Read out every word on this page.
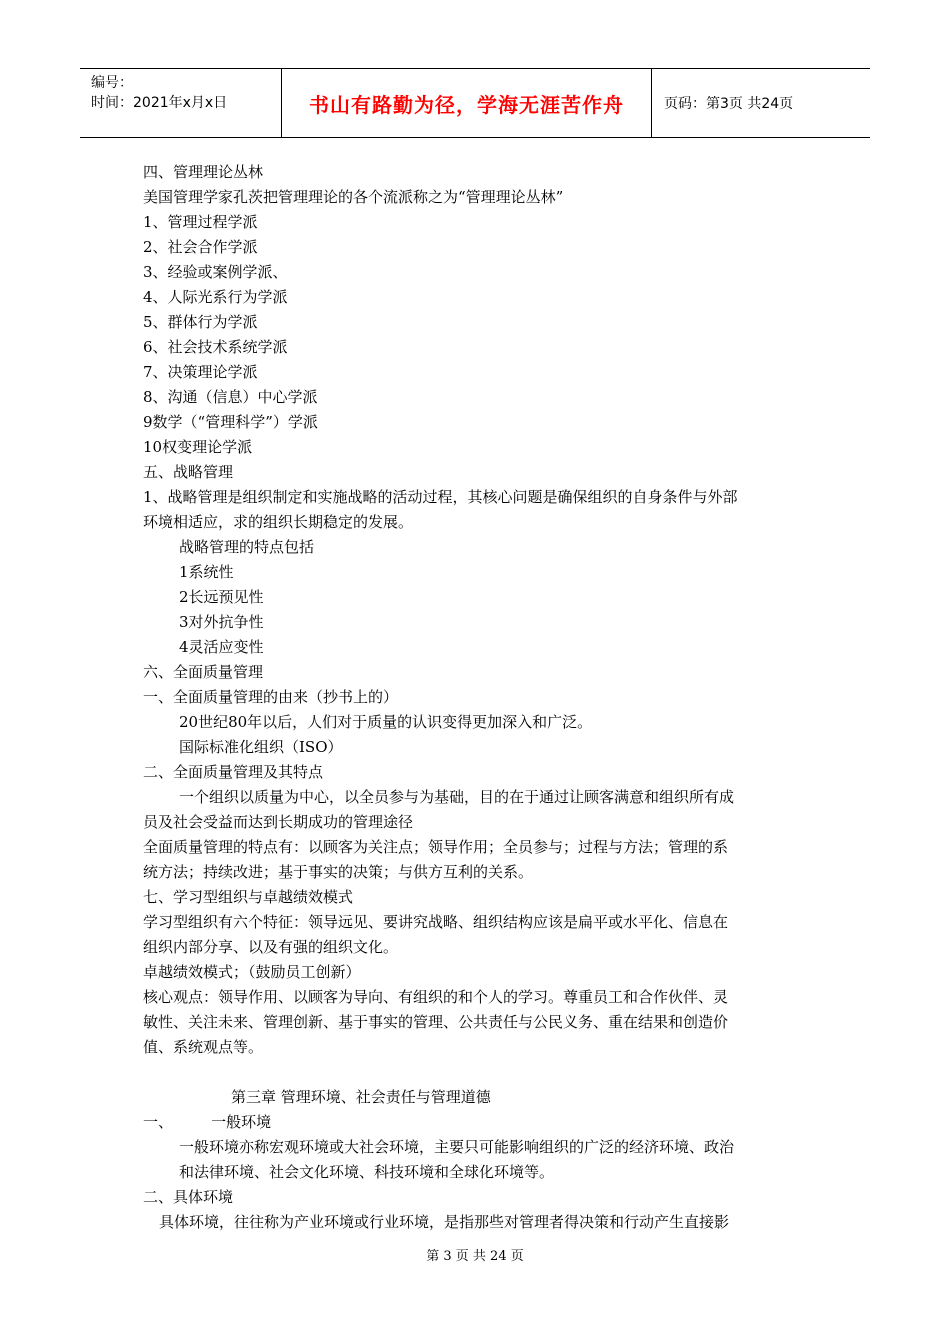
编号：
时间：2021年x月x日	书山有路勤为径，学海无涯苦作舟	页码：第3页 共24页
四、管理理论丛林
美国管理学家孔茨把管理理论的各个流派称之为“管理理论丛林”
1、管理过程学派
2、社会合作学派
3、经验或案例学派、
4、人际光系行为学派
5、群体行为学派
6、社会技术系统学派
7、决策理论学派
8、沟通（信息）中心学派
9数学（“管理科学”）学派
10权变理论学派
五、战略管理
1、战略管理是组织制定和实施战略的活动过程，其核心问题是确保组织的自身条件与外部
环境相适应，求的组织长期稳定的发展。
战略管理的特点包括
1系统性
2长远预见性
3对外抗争性
4灵活应变性
六、全面质量管理
一、全面质量管理的由来（抄书上的）
20世纪80年以后，人们对于质量的认识变得更加深入和广泛。
国际标准化组织（ISO）
二、全面质量管理及其特点
一个组织以质量为中心，以全员参与为基础，目的在于通过让顾客满意和组织所有成
员及社会受益而达到长期成功的管理途径
全面质量管理的特点有：以顾客为关注点；领导作用；全员参与；过程与方法；管理的系
统方法；持续改进；基于事实的决策；与供方互利的关系。
七、学习型组织与卓越绩效模式
学习型组织有六个特征：领导远见、要讲究战略、组织结构应该是扁平或水平化、信息在
组织内部分享、以及有强的组织文化。
卓越绩效模式；（鼓励员工创新）
核心观点：领导作用、以顾客为导向、有组织的和个人的学习。尊重员工和合作伙伴、灵
敏性、关注未来、管理创新、基于事实的管理、公共责任与公民义务、重在结果和创造价
值、系统观点等。
第三章 管理环境、社会责任与管理道德
一、        一般环境
一般环境亦称宏观环境或大社会环境，主要只可能影响组织的广泛的经济环境、政治
和法律环境、社会文化环境、科技环境和全球化环境等。
二、具体环境
具体环境，往往称为产业环境或行业环境，是指那些对管理者得决策和行动产生直接影
第 3 页 共 24 页
